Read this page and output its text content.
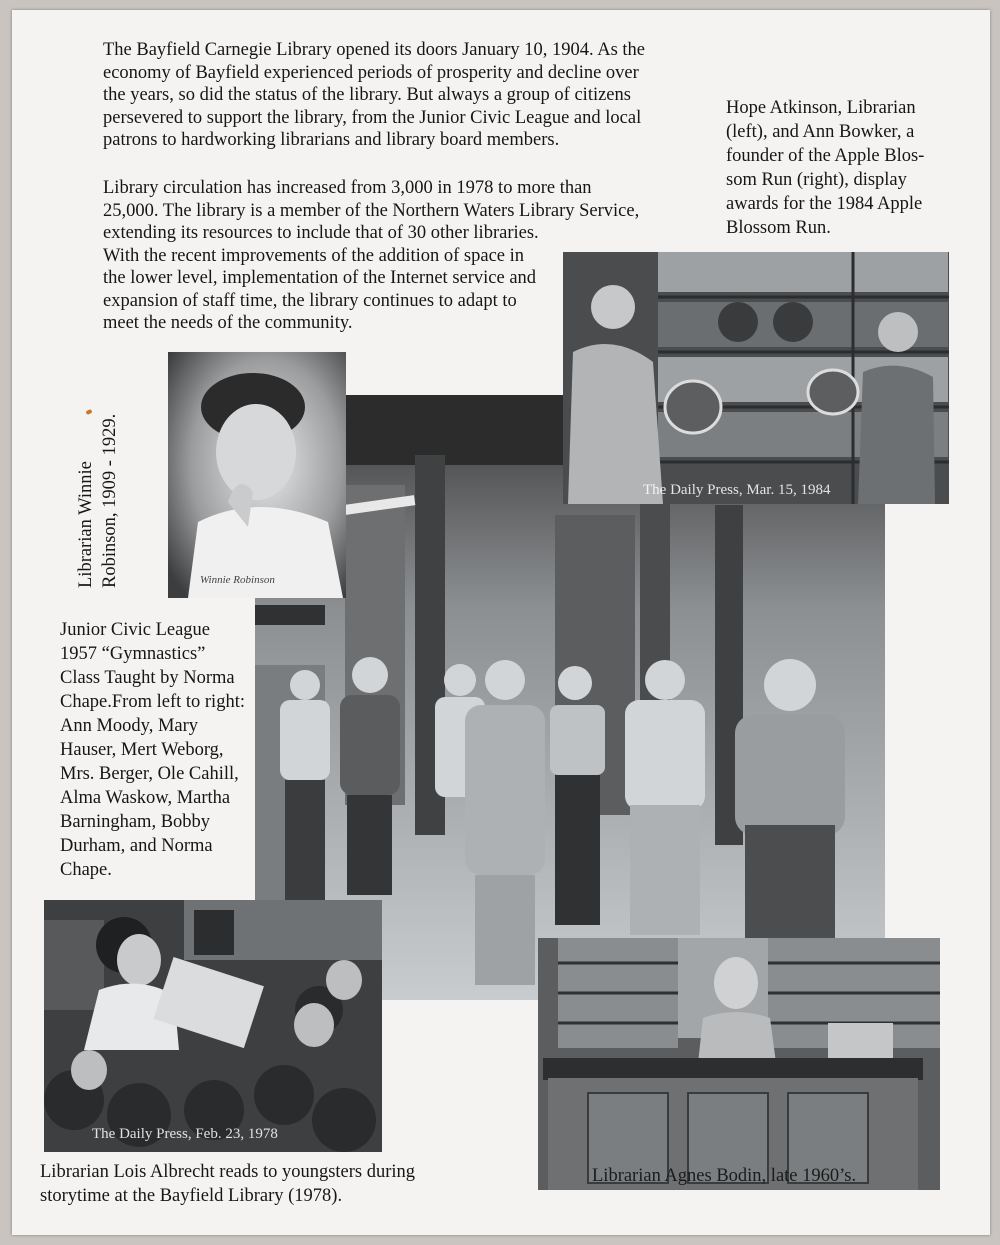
The Bayfield Carnegie Library opened its doors January 10, 1904. As the
economy of Bayfield experienced periods of prosperity and decline over
the years, so did the status of the library. But always a group of citizens
persevered to support the library, from the Junior Civic League and local
patrons to hardworking librarians and library board members.
Library circulation has increased from 3,000 in 1978 to more than
25,000. The library is a member of the Northern Waters Library Service,
extending its resources to include that of 30 other libraries.
With the recent improvements of the addition of space in
the lower level, implementation of the Internet service and
expansion of staff time, the library continues to adapt to
meet the needs of the community.
Hope Atkinson, Librarian
(left), and Ann Bowker, a
founder of the Apple Blos-
som Run (right), display
awards for the 1984 Apple
Blossom Run.
Winnie Robinson
Librarian Winnie Robinson, 1909 - 1929.	The Daily Press, Mar. 15, 1984
Junior Civic League
1957 “Gymnastics”
Class Taught by Norma
Chape.From left to right:
Ann Moody, Mary
Hauser, Mert Weborg,
Mrs. Berger, Ole Cahill,
Alma Waskow, Martha
Barningham, Bobby
Durham, and Norma
Chape.
The Daily Press, Feb. 23, 1978
Librarian Lois Albrecht reads to youngsters during
storytime at the Bayfield Library (1978).
Librarian Agnes Bodin, late 1960’s.
